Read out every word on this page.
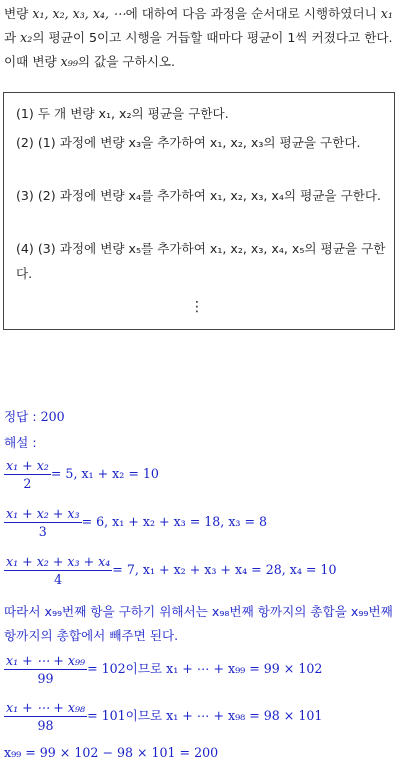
변량 x₁, x₂, x₃, x₄, ⋯에 대하여 다음 과정을 순서대로 시행하였더니 x₁과 x₂의 평균이 5이고 시행을 거듭할 때마다 평균이 1씩 커졌다고 한다. 이때 변량 x₉₉의 값을 구하시오.
(1) 두 개 변량 x₁, x₂의 평균을 구한다.
(2) (1) 과정에 변량 x₃을 추가하여 x₁, x₂, x₃의 평균을 구한다.
(3) (2) 과정에 변량 x₄를 추가하여 x₁, x₂, x₃, x₄의 평균을 구한다.
(4) (3) 과정에 변량 x₅를 추가하여 x₁, x₂, x₃, x₄, x₅의 평균을 구한다.
⋮
정답 : 200
해설 :
$\frac{\text{x₁ + x₂}}{2} = 5$, x₁ + x₂ = 10
$\frac{\text{x₁ + x₂ + x₃}}{3} = 6$, x₁ + x₂ + x₃ = 18, x₃ = 8
$\frac{\text{x₁ + x₂ + x₃ + x₄}}{4} = 7$, x₁ + x₂ + x₃ + x₄ = 28, x₄ = 10
따라서 x₉₉번째 항을 구하기 위해서는 x₉₈번째 항까지의 총합을 x₉₉번째 항까지의 총합에서 빼주면 된다.
$\frac{\text{x₁ + ⋯ + x₉₉}}{99} = 102$이므로 x₁ + ⋯ + x₉₉ = 99 × 102
$\frac{\text{x₁ + ⋯ + x₉₈}}{98} = 101$이므로 x₁ + ⋯ + x₉₈ = 98 × 101
x₉₉ = 99 × 102 − 98 × 101 = 200
